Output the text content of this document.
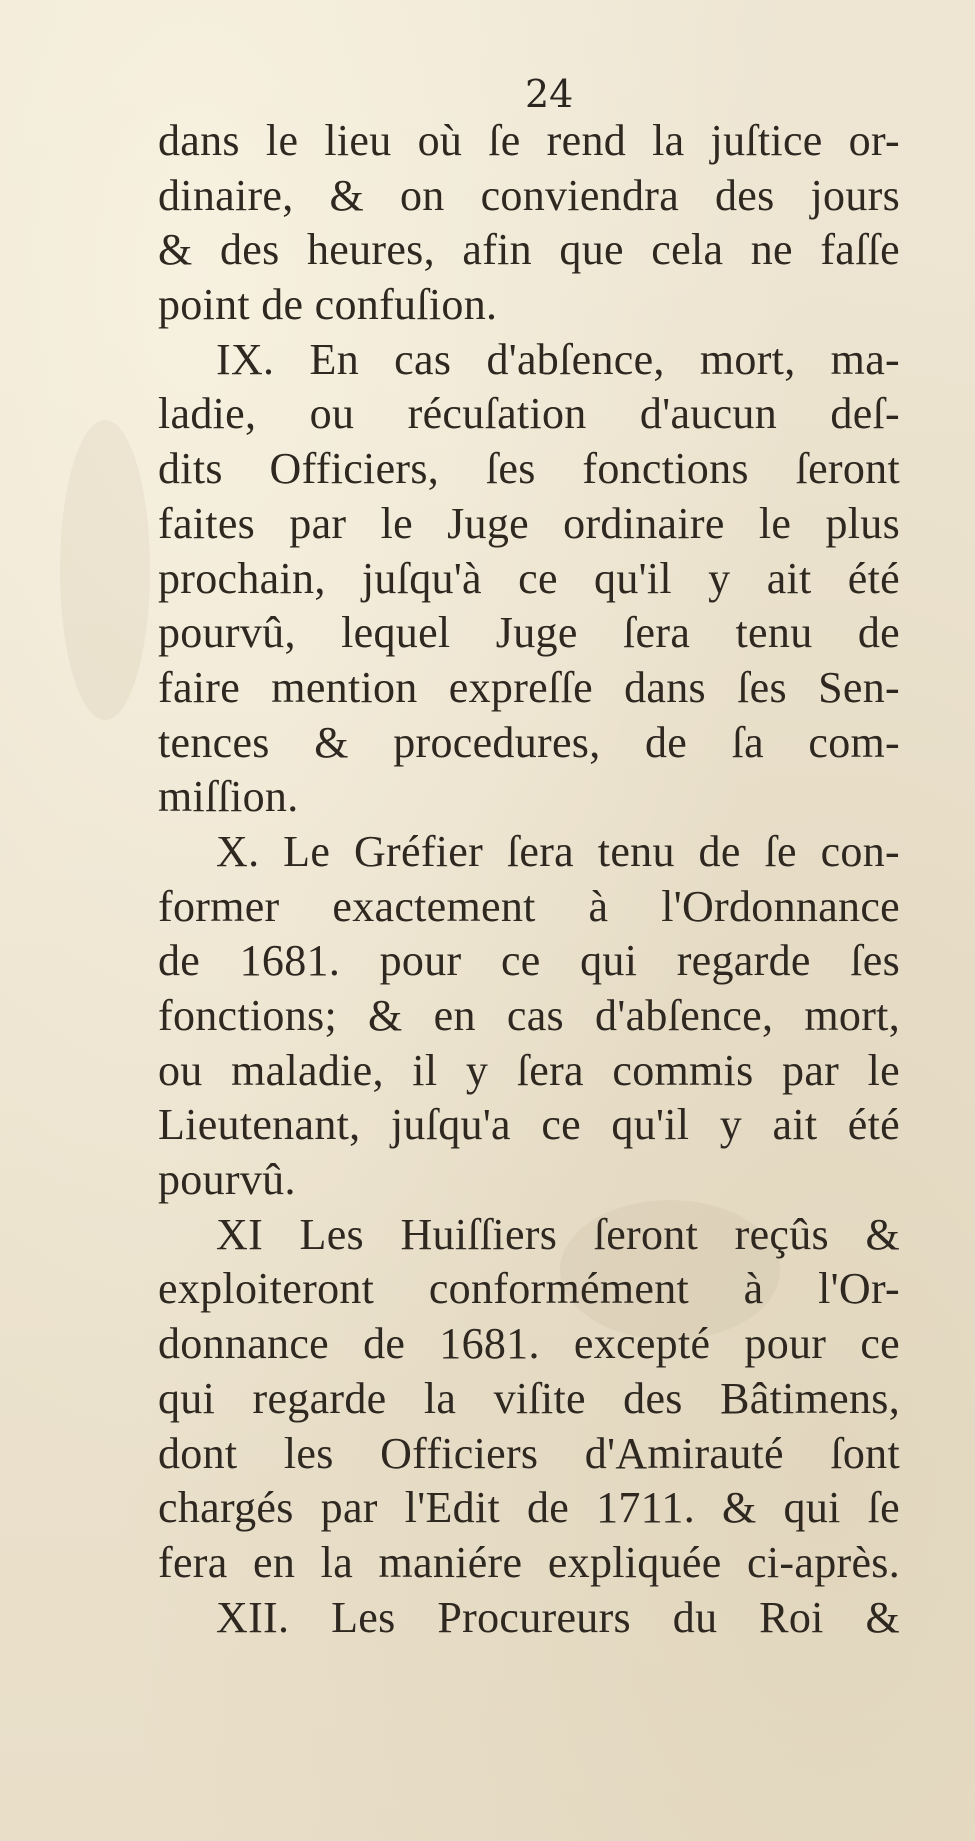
24
dans le lieu où ſe rend la juſtice or-
dinaire, & on conviendra des jours
& des heures, afin que cela ne faſſe
point de confuſion.
IX. En cas d'abſence, mort, ma-
ladie, ou récuſation d'aucun deſ-
dits Officiers, ſes fonctions ſeront
faites par le Juge ordinaire le plus
prochain, juſqu'à ce qu'il y ait été
pourvû, lequel Juge ſera tenu de
faire mention expreſſe dans ſes Sen-
tences & procedures, de ſa com-
miſſion.
X. Le Gréfier ſera tenu de ſe con-
former exactement à l'Ordonnance
de 1681. pour ce qui regarde ſes
fonctions; & en cas d'abſence, mort,
ou maladie, il y ſera commis par le
Lieutenant, juſqu'a ce qu'il y ait été
pourvû.
XI Les Huiſſiers ſeront reçûs &
exploiteront conformément à l'Or-
donnance de 1681. excepté pour ce
qui regarde la viſite des Bâtimens,
dont les Officiers d'Amirauté ſont
chargés par l'Edit de 1711. & qui ſe
fera en la maniére expliquée ci-après.
XII. Les Procureurs du Roi &
